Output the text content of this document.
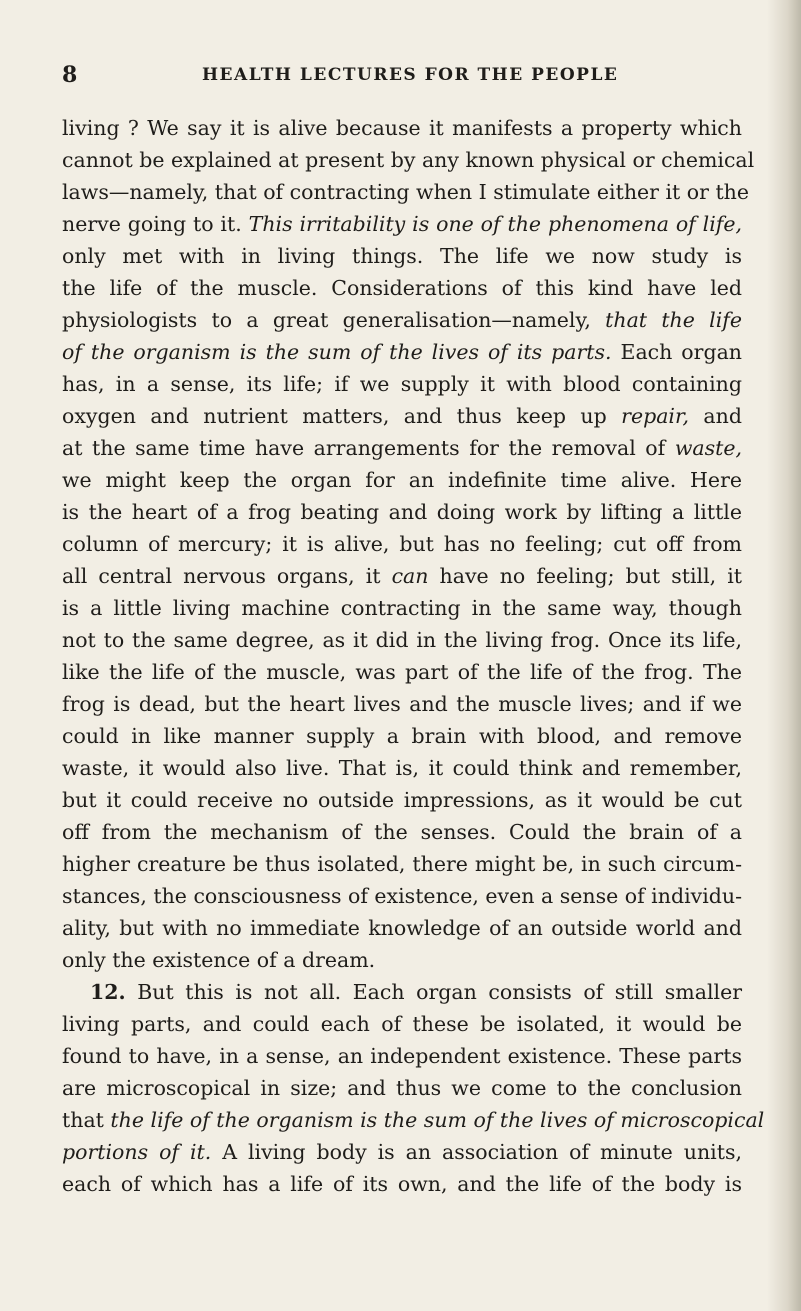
8	HEALTH LECTURES FOR THE PEOPLE
living ? We say it is alive because it manifests a property which
cannot be explained at present by any known physical or chemical
laws—namely, that of contracting when I stimulate either it or the
nerve going to it. This irritability is one of the phenomena of life,
only met with in living things. The life we now study is
the life of the muscle. Considerations of this kind have led
physiologists to a great generalisation—namely, that the life
of the organism is the sum of the lives of its parts. Each organ
has, in a sense, its life; if we supply it with blood containing
oxygen and nutrient matters, and thus keep up repair, and
at the same time have arrangements for the removal of waste,
we might keep the organ for an indefinite time alive. Here
is the heart of a frog beating and doing work by lifting a little
column of mercury; it is alive, but has no feeling; cut off from
all central nervous organs, it can have no feeling; but still, it
is a little living machine contracting in the same way, though
not to the same degree, as it did in the living frog. Once its life,
like the life of the muscle, was part of the life of the frog. The
frog is dead, but the heart lives and the muscle lives; and if we
could in like manner supply a brain with blood, and remove
waste, it would also live. That is, it could think and remember,
but it could receive no outside impressions, as it would be cut
off from the mechanism of the senses. Could the brain of a
higher creature be thus isolated, there might be, in such circum-
stances, the consciousness of existence, even a sense of individu-
ality, but with no immediate knowledge of an outside world and
only the existence of a dream.
12. But this is not all. Each organ consists of still smaller
living parts, and could each of these be isolated, it would be
found to have, in a sense, an independent existence. These parts
are microscopical in size; and thus we come to the conclusion
that the life of the organism is the sum of the lives of microscopical
portions of it. A living body is an association of minute units,
each of which has a life of its own, and the life of the body is
